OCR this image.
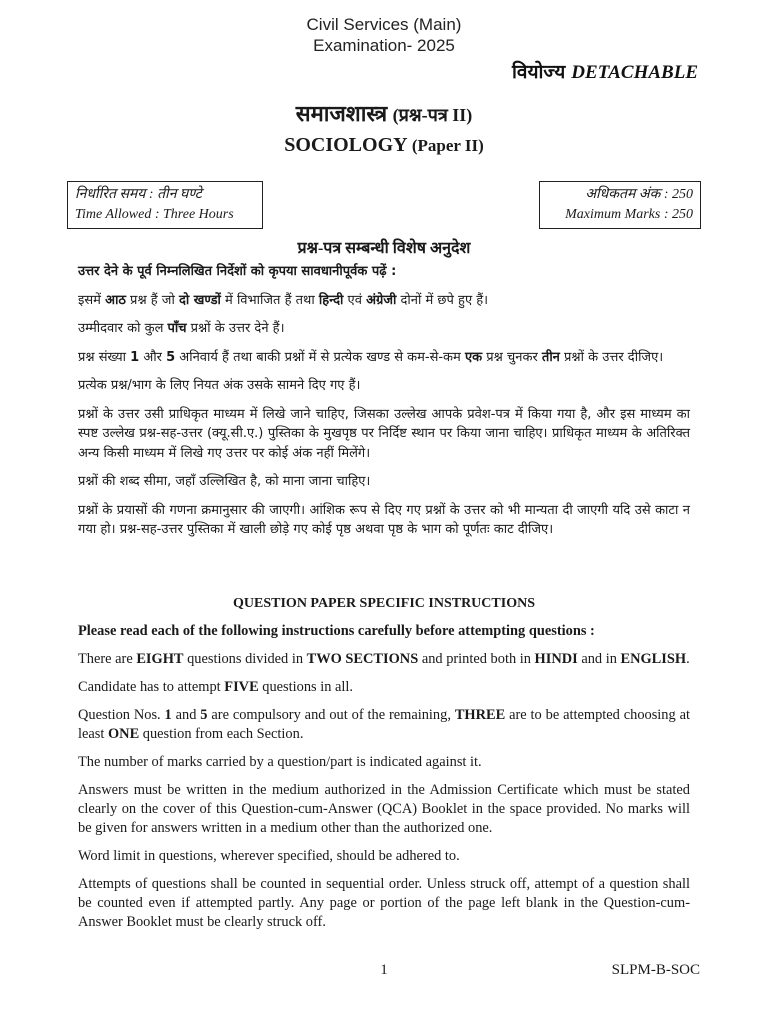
Civil Services (Main)
Examination- 2025
वियोज्य DETACHABLE
समाजशास्त्र (प्रश्न-पत्र II)
SOCIOLOGY (Paper II)
निर्धारित समय : तीन घण्टे
Time Allowed : Three Hours
अधिकतम अंक : 250
Maximum Marks : 250
प्रश्न-पत्र सम्बन्धी विशेष अनुदेश

उत्तर देने के पूर्व निम्नलिखित निर्देशों को कृपया सावधानीपूर्वक पढ़ें :

इसमें आठ प्रश्न हैं जो दो खण्डों में विभाजित हैं तथा हिन्दी एवं अंग्रेजी दोनों में छपे हुए हैं।

उम्मीदवार को कुल पाँच प्रश्नों के उत्तर देने हैं।

प्रश्न संख्या 1 और 5 अनिवार्य हैं तथा बाकी प्रश्नों में से प्रत्येक खण्ड से कम-से-कम एक प्रश्न चुनकर तीन प्रश्नों के उत्तर दीजिए।

प्रत्येक प्रश्न/भाग के लिए नियत अंक उसके सामने दिए गए हैं।

प्रश्नों के उत्तर उसी प्राधिकृत माध्यम में लिखे जाने चाहिए, जिसका उल्लेख आपके प्रवेश-पत्र में किया गया है, और इस माध्यम का स्पष्ट उल्लेख प्रश्न-सह-उत्तर (क्यू.सी.ए.) पुस्तिका के मुखपृष्ठ पर निर्दिष्ट स्थान पर किया जाना चाहिए। प्राधिकृत माध्यम के अतिरिक्त अन्य किसी माध्यम में लिखे गए उत्तर पर कोई अंक नहीं मिलेंगे।

प्रश्नों की शब्द सीमा, जहाँ उल्लिखित है, को माना जाना चाहिए।

प्रश्नों के प्रयासों की गणना क्रमानुसार की जाएगी। आंशिक रूप से दिए गए प्रश्नों के उत्तर को भी मान्यता दी जाएगी यदि उसे काटा न गया हो। प्रश्न-सह-उत्तर पुस्तिका में खाली छोड़े गए कोई पृष्ठ अथवा पृष्ठ के भाग को पूर्णतः काट दीजिए।

QUESTION PAPER SPECIFIC INSTRUCTIONS

Please read each of the following instructions carefully before attempting questions :

There are EIGHT questions divided in TWO SECTIONS and printed both in HINDI and in ENGLISH.

Candidate has to attempt FIVE questions in all.

Question Nos. 1 and 5 are compulsory and out of the remaining, THREE are to be attempted choosing at least ONE question from each Section.

The number of marks carried by a question/part is indicated against it.

Answers must be written in the medium authorized in the Admission Certificate which must be stated clearly on the cover of this Question-cum-Answer (QCA) Booklet in the space provided. No marks will be given for answers written in a medium other than the authorized one.

Word limit in questions, wherever specified, should be adhered to.

Attempts of questions shall be counted in sequential order. Unless struck off, attempt of a question shall be counted even if attempted partly. Any page or portion of the page left blank in the Question-cum-Answer Booklet must be clearly struck off.

1	SLPM-B-SOC
